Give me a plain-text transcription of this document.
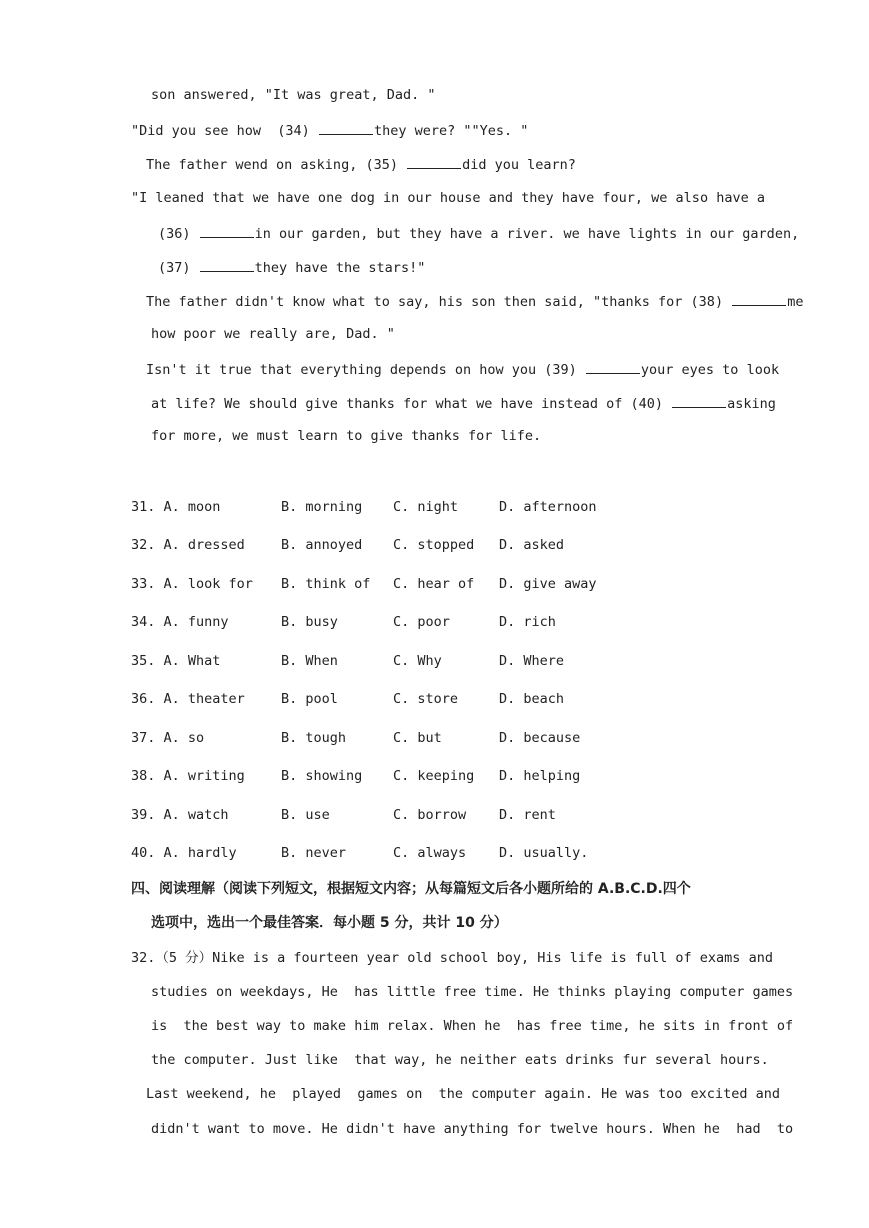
son answered, "It was great, Dad. "
"Did you see how  (34)	they were? ""Yes. "
The father wend on asking, (35)	did you learn?
"I leaned that we have one dog in our house and they have four, we also have a
(36)	in our garden, but they have a river. we have lights in our garden,
(37)	they have the stars!"
The father didn't know what to say, his son then said, "thanks for (38)	me
how poor we really are, Dad. "
Isn't it true that everything depends on how you (39)	your eyes to look
at life? We should give thanks for what we have instead of (40)	asking
for more, we must learn to give thanks for life.
31. A. moon	B. morning C. night	D. afternoon
32. A. dressed	B. annoyed C. stopped D. asked
33. A. look for B. think of C. hear of D. give away
34. A. funny	B. busy	C. poor	D. rich
35. A. What	B. When	C. Why	D. Where
36. A. theater	B. pool	C. store	D. beach
37. A. so	B. tough	C. but	D. because
38. A. writing	B. showing C. keeping D. helping
39. A. watch	B. use	C. borrow D. rent
40. A. hardly	B. never	C. always D. usually.
四、阅读理解（阅读下列短文，根据短文内容；从每篇短文后各小题所给的 A.B.C.D.四个
选项中，选出一个最佳答案．每小题 5 分，共计 10 分）
32.（5 分）Nike is a fourteen year old school boy, His life is full of exams and
studies on weekdays, He  has little free time. He thinks playing computer games
is  the best way to make him relax. When he  has free time, he sits in front of
the computer. Just like  that way, he neither eats drinks fur several hours.
Last weekend, he  played  games on  the computer again. He was too excited and
didn't want to move. He didn't have anything for twelve hours. When he  had  to
